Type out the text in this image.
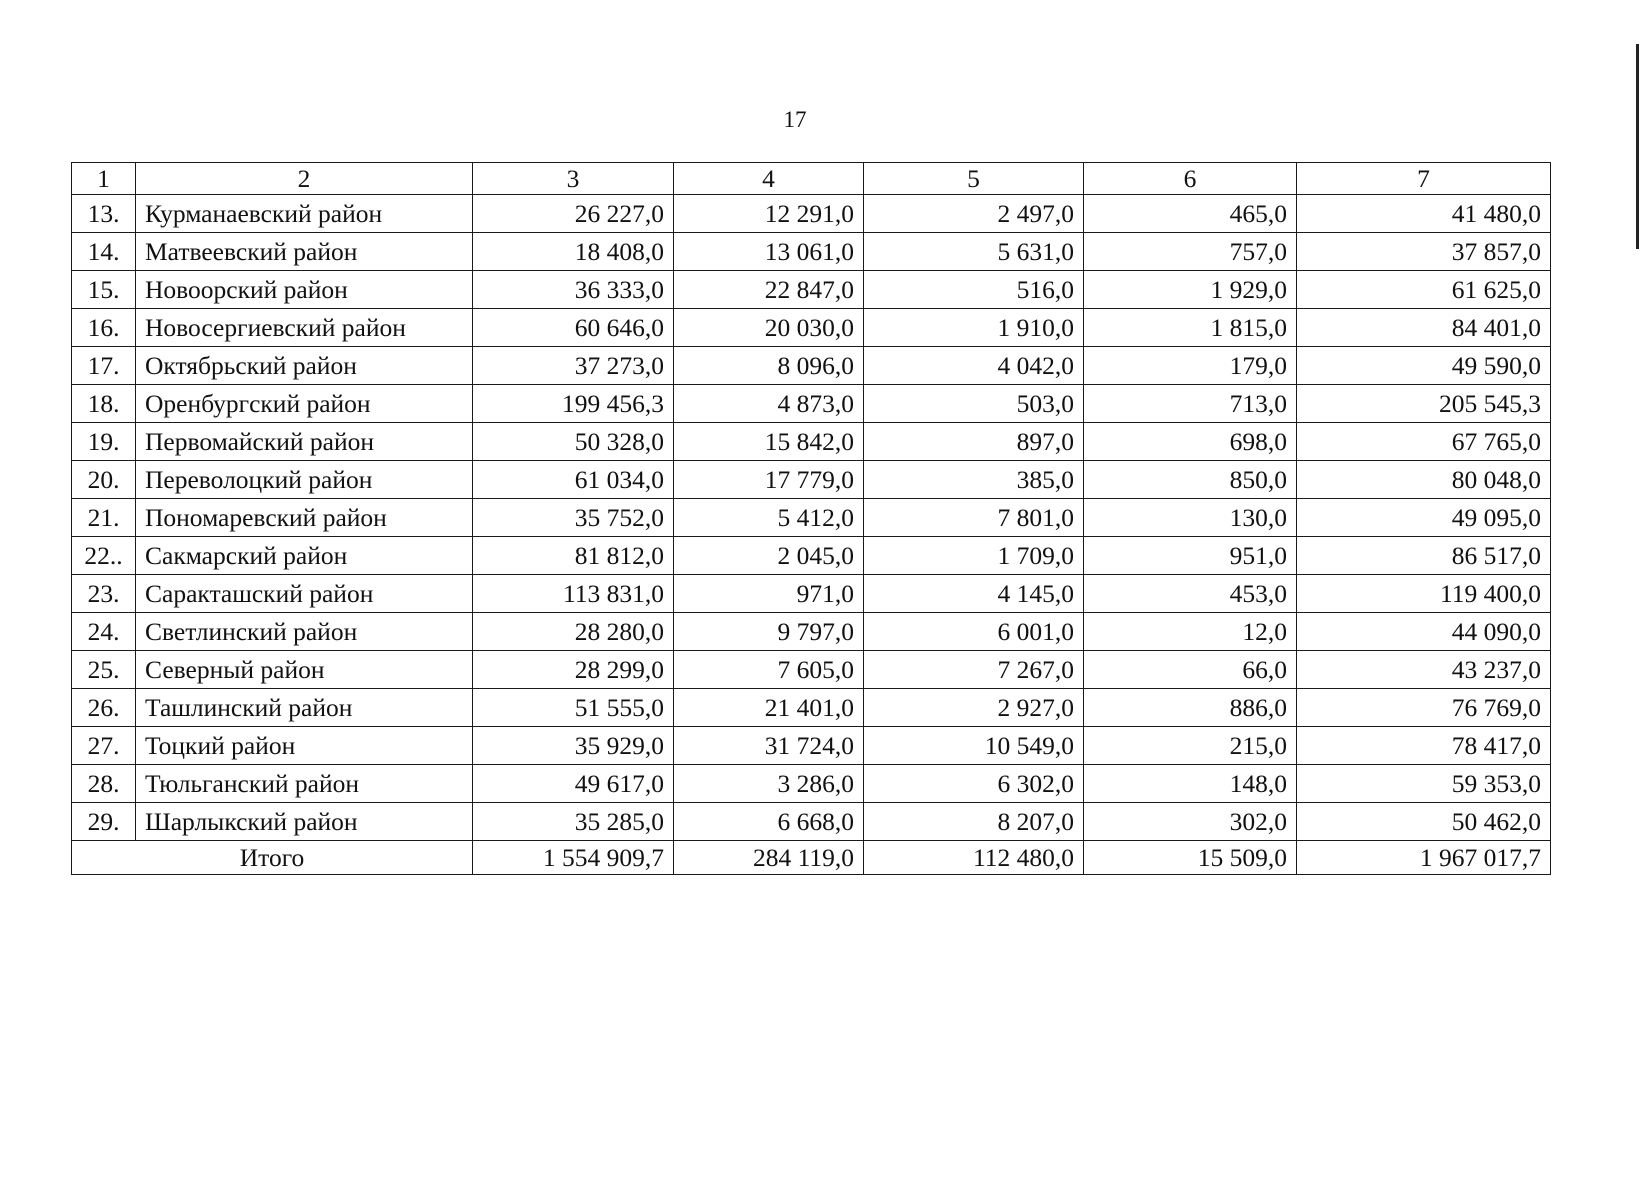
17
1	2	3	4	5	6	7
13.	Курманаевский район	26 227,0	12 291,0	2 497,0	465,0	41 480,0
14.	Матвеевский район	18 408,0	13 061,0	5 631,0	757,0	37 857,0
15.	Новоорский район	36 333,0	22 847,0	516,0	1 929,0	61 625,0
16.	Новосергиевский район	60 646,0	20 030,0	1 910,0	1 815,0	84 401,0
17.	Октябрьский район	37 273,0	8 096,0	4 042,0	179,0	49 590,0
18.	Оренбургский район	199 456,3	4 873,0	503,0	713,0	205 545,3
19.	Первомайский район	50 328,0	15 842,0	897,0	698,0	67 765,0
20.	Переволоцкий район	61 034,0	17 779,0	385,0	850,0	80 048,0
21.	Пономаревский район	35 752,0	5 412,0	7 801,0	130,0	49 095,0
22..	Сакмарский район	81 812,0	2 045,0	1 709,0	951,0	86 517,0
23.	Саракташский район	113 831,0	971,0	4 145,0	453,0	119 400,0
24.	Светлинский район	28 280,0	9 797,0	6 001,0	12,0	44 090,0
25.	Северный район	28 299,0	7 605,0	7 267,0	66,0	43 237,0
26.	Ташлинский район	51 555,0	21 401,0	2 927,0	886,0	76 769,0
27.	Тоцкий район	35 929,0	31 724,0	10 549,0	215,0	78 417,0
28.	Тюльганский район	49 617,0	3 286,0	6 302,0	148,0	59 353,0
29.	Шарлыкский район	35 285,0	6 668,0	8 207,0	302,0	50 462,0
Итого		1 554 909,7	284 119,0	112 480,0	15 509,0	1 967 017,7
